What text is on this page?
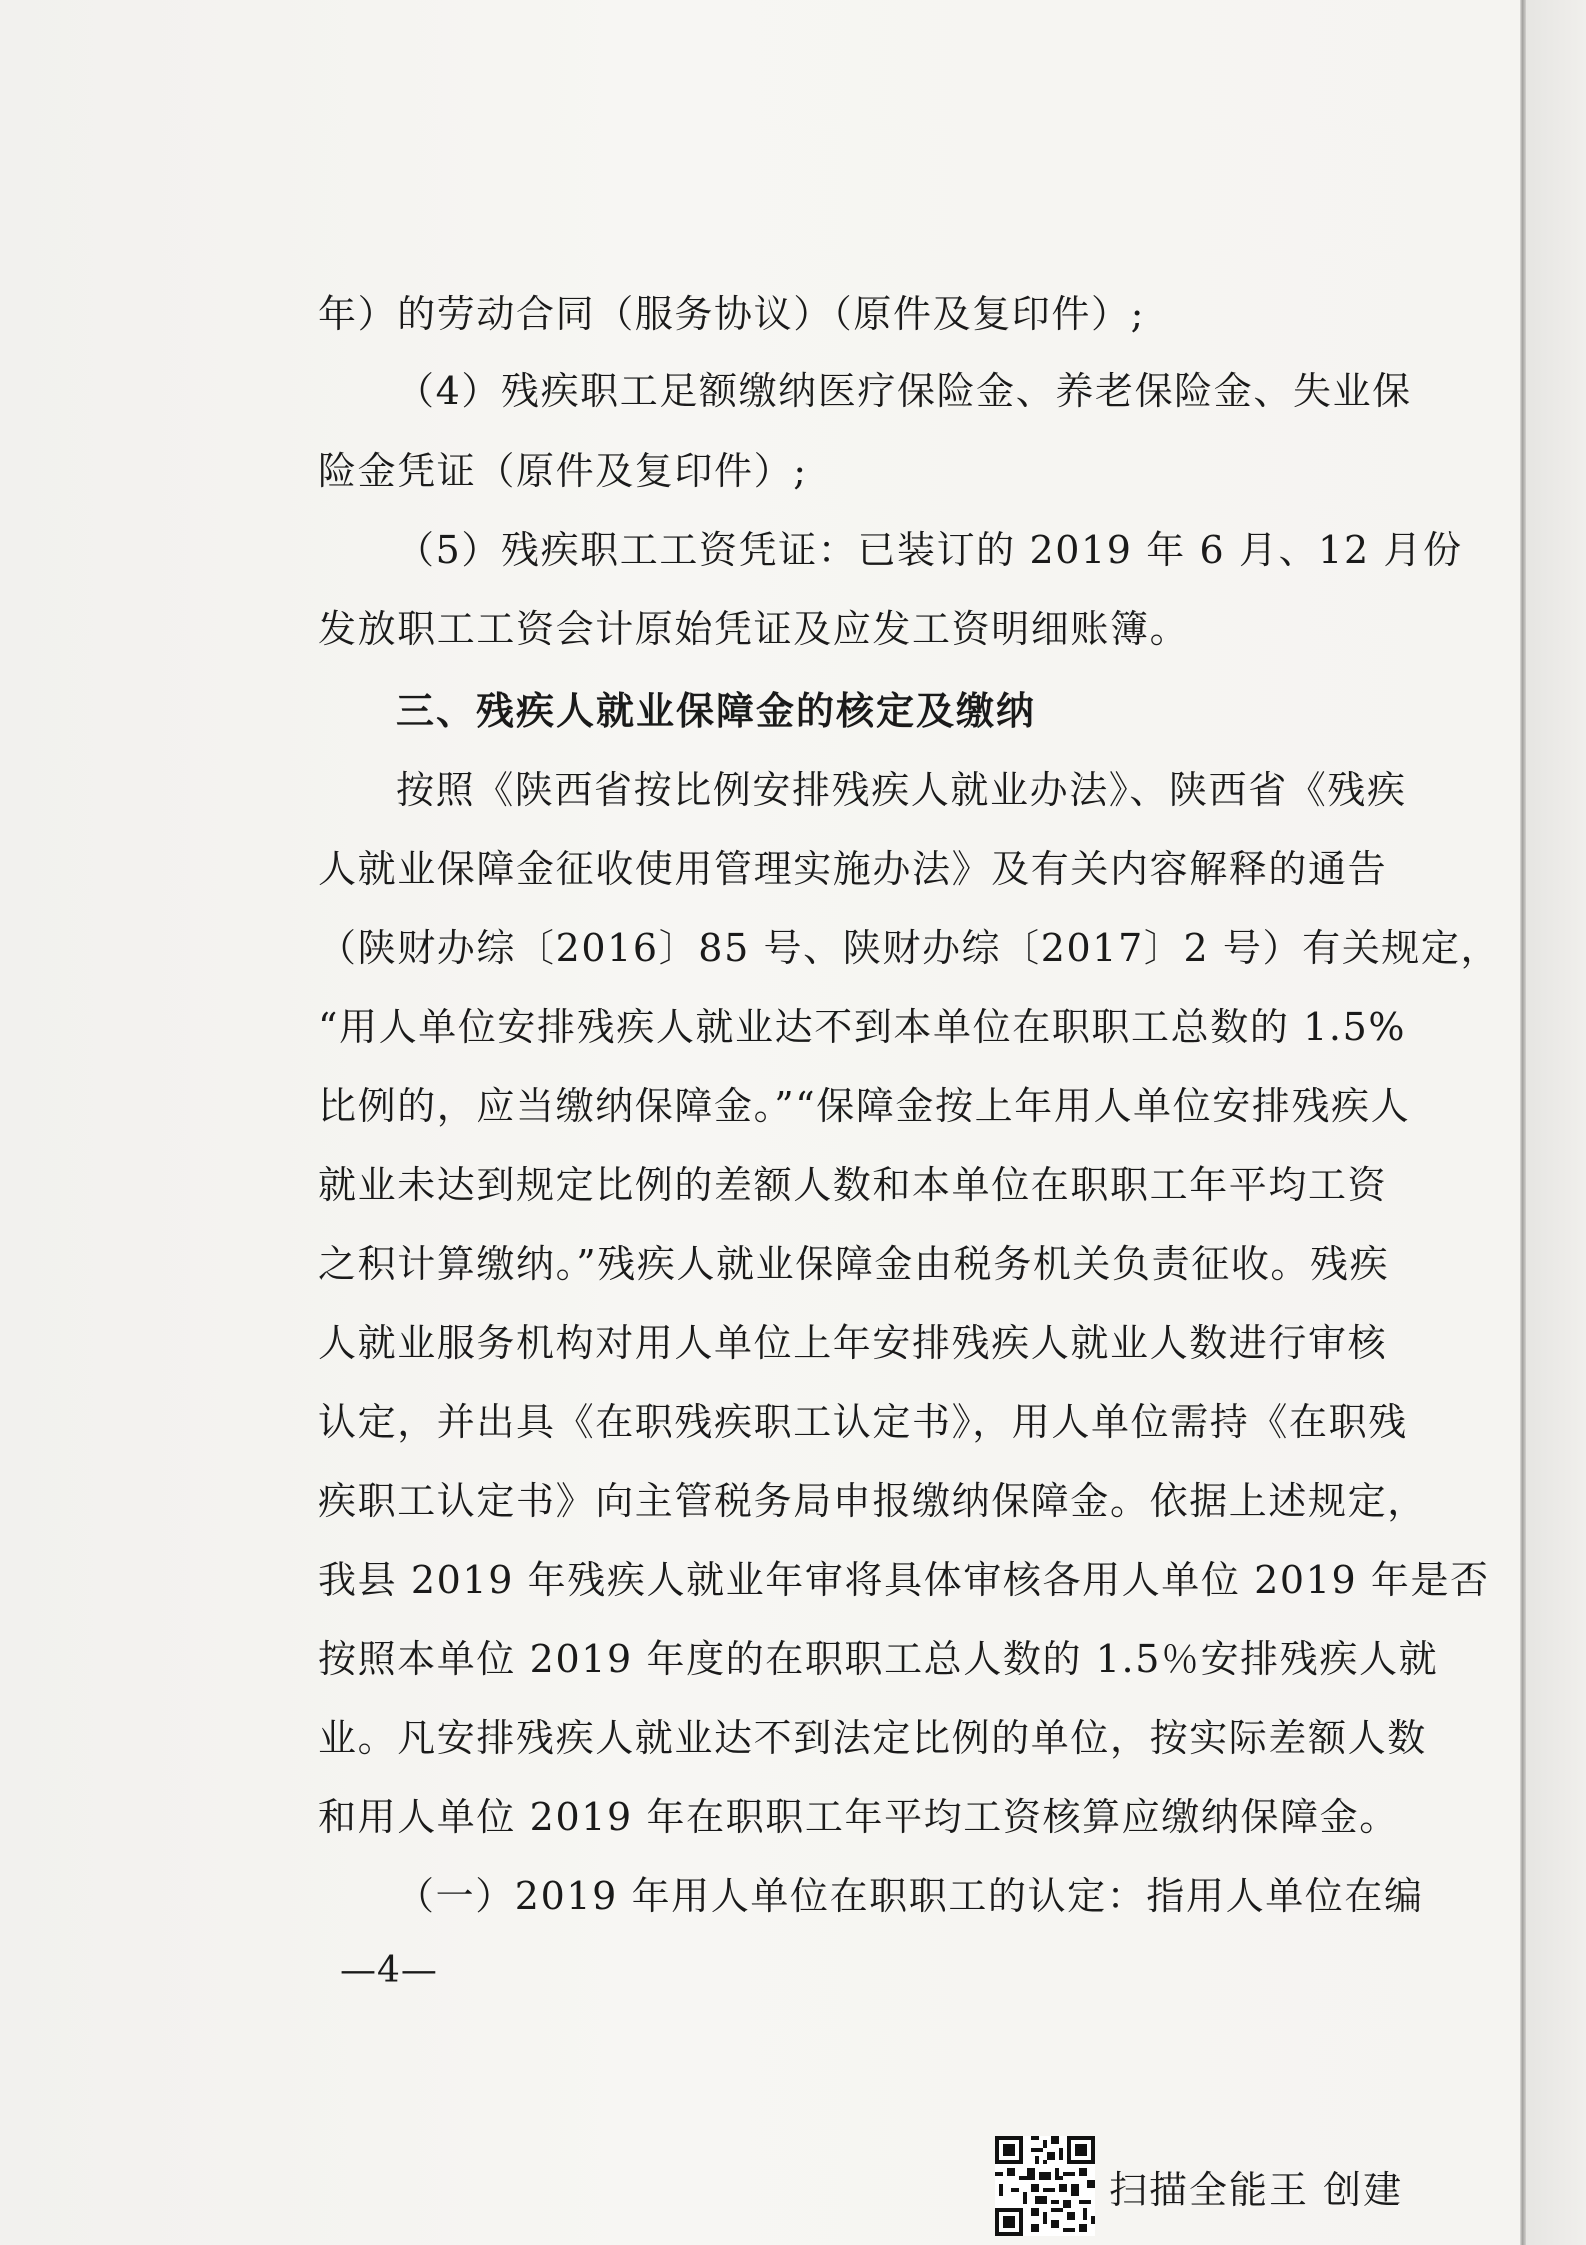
年）的劳动合同（服务协议）（原件及复印件）;
（4）残疾职工足额缴纳医疗保险金、养老保险金、失业保
险金凭证（原件及复印件）;
（5）残疾职工工资凭证：已装订的 2019 年 6 月、12 月份
发放职工工资会计原始凭证及应发工资明细账簿。
三、残疾人就业保障金的核定及缴纳
按照《陕西省按比例安排残疾人就业办法》、陕西省《残疾
人就业保障金征收使用管理实施办法》及有关内容解释的通告
（陕财办综〔2016〕85 号、陕财办综〔2017〕2 号）有关规定，
“用人单位安排残疾人就业达不到本单位在职职工总数的 1.5%
比例的，应当缴纳保障金。”“保障金按上年用人单位安排残疾人
就业未达到规定比例的差额人数和本单位在职职工年平均工资
之积计算缴纳。”残疾人就业保障金由税务机关负责征收。残疾
人就业服务机构对用人单位上年安排残疾人就业人数进行审核
认定，并出具《在职残疾职工认定书》，用人单位需持《在职残
疾职工认定书》向主管税务局申报缴纳保障金。依据上述规定，
我县 2019 年残疾人就业年审将具体审核各用人单位 2019 年是否
按照本单位 2019 年度的在职职工总人数的 1.5％安排残疾人就
业。凡安排残疾人就业达不到法定比例的单位，按实际差额人数
和用人单位 2019 年在职职工年平均工资核算应缴纳保障金。
（一）2019 年用人单位在职职工的认定：指用人单位在编
—4—
扫描全能王 创建
